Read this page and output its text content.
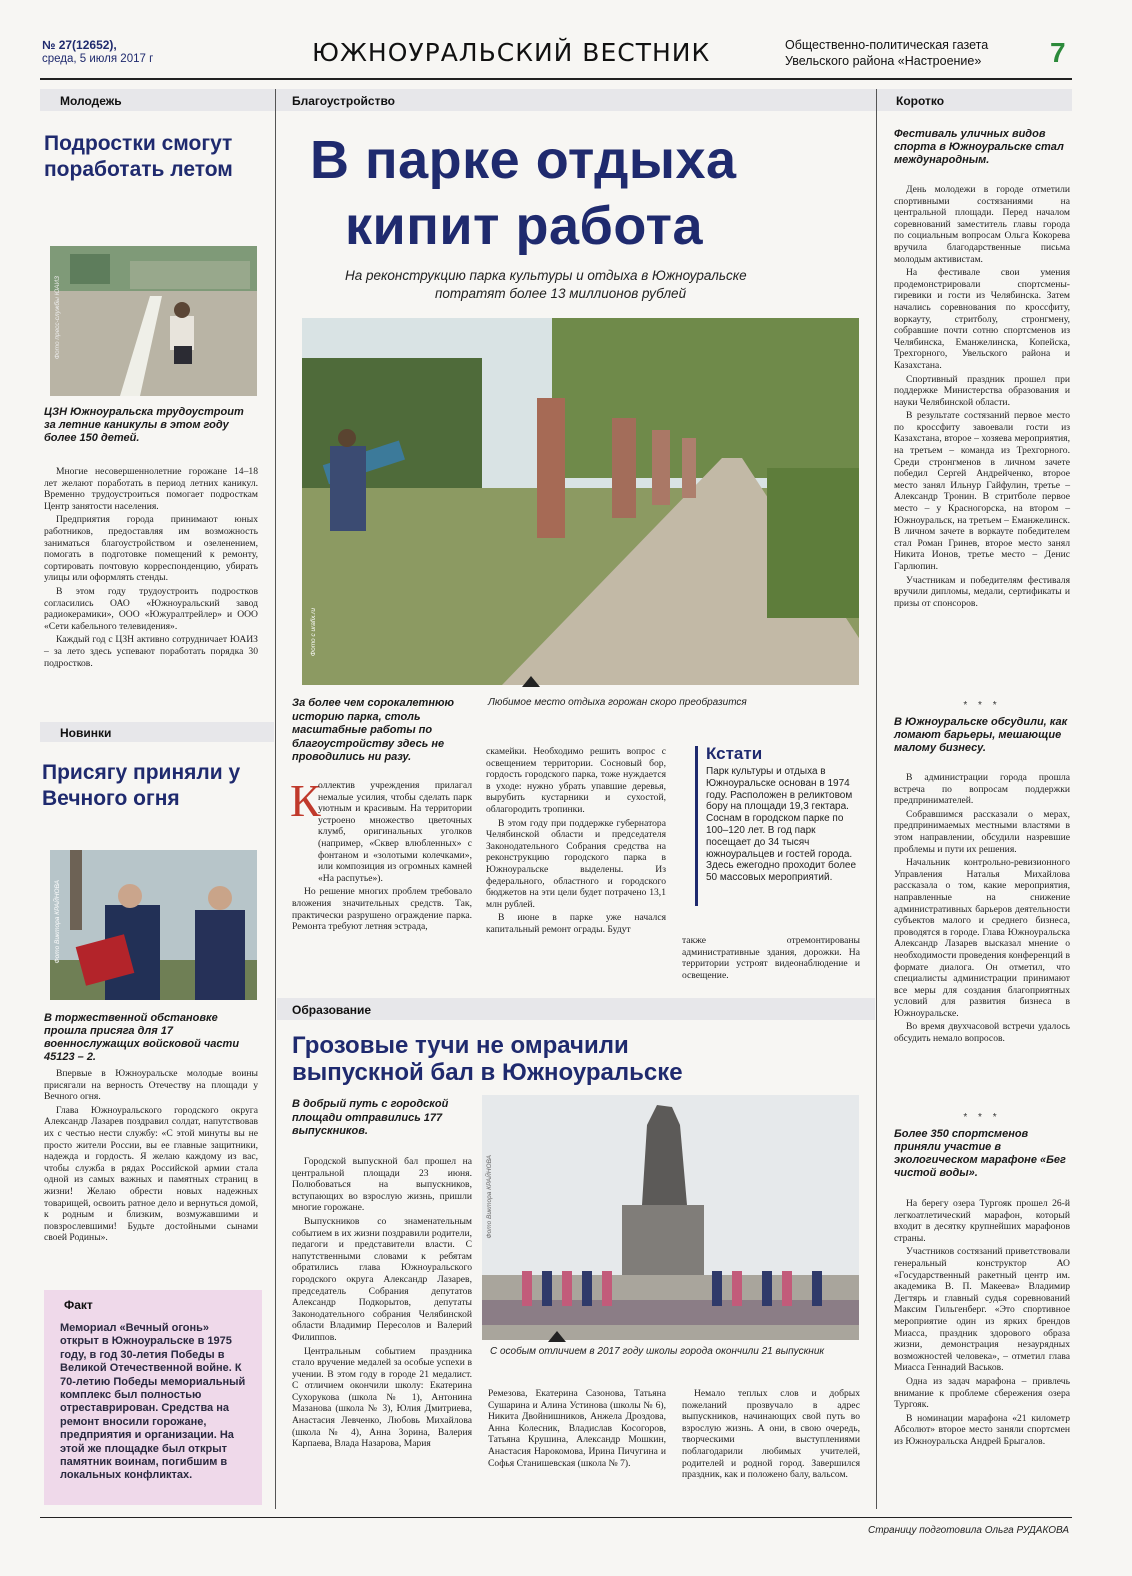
№ 27(12652),
среда, 5 июля 2017 г	ЮЖНОУРАЛЬСКИЙ ВЕСТНИК	Общественно-политическая газета
Увельского района «Настроение» 7
Молодежь
Подростки смогут поработать летом
Фото пресс-службы ЮАИЗ
ЦЗН Южноуральска трудоустроит за летние каникулы в этом году более 150 детей.

Многие несовершеннолетние горожане 14–18 лет желают поработать в период летних каникул. Временно трудоустроиться помогает подросткам Центр занятости населения.

Предприятия города принимают юных работников, предоставляя им возможность заниматься благоустройством и озеленением, помогать в подготовке помещений к ремонту, сортировать почтовую корреспонденцию, убирать улицы или оформлять стенды.

В этом году трудоустроить подростков согласились ОАО «Южноуральский завод радиокерамики», ООО «Южуралтрейлер» и ООО «Сети кабельного телевидения».

Каждый год с ЦЗН активно сотрудничает ЮАИЗ – за лето здесь успевают поработать порядка 30 подростков.

Новинки
Присягу приняли у Вечного огня
Фото Виктора КРАЙНОВА
В торжественной обстановке прошла присяга для 17 военнослужащих войсковой части 45123 – 2.

Впервые в Южноуральске молодые воины присягали на верность Отечеству на площади у Вечного огня.

Глава Южноуральского городского округа Александр Лазарев поздравил солдат, напутствовав их с честью нести службу: «С этой минуты вы не просто жители России, вы ее главные защитники, надежда и гордость. Я желаю каждому из вас, чтобы служба в рядах Российской армии стала одной из самых важных и памятных страниц в жизни! Желаю обрести новых надежных товарищей, освоить ратное дело и вернуться домой, к родным и близким, возмужавшими и повзрослевшими! Будьте достойными сынами своей Родины».

Факт
Мемориал «Вечный огонь» открыт в Южноуральске в 1975 году, в год 30-летия Победы в Великой Отечественной войне. К 70-летию Победы мемориальный комплекс был полностью отреставрирован. Средства на ремонт вносили горожане, предприятия и организации. На этой же площадке был открыт памятник воинам, погибшим в локальных конфликтах.
Благоустройство
В парке отдыха
кипит работа
На реконструкцию парка культуры и отдыха в Южноуральске
потратят более 13 миллионов рублей
Фото с urafix.ru
Любимое место отдыха горожан скоро преобразится
За более чем сорокалетнюю историю парка, столь масштабные работы по благоустройству здесь не проводились ни разу.
К

оллектив учреждения прилагал немалые усилия, чтобы сделать парк уютным и красивым. На территории устроено множество цветочных клумб, оригинальных уголков (например, «Сквер влюбленных» с фонтаном и «золотыми колечками», или композиция из огромных камней «На распутье»).

Но решение многих проблем требовало вложения значительных средств. Так, практически разрушено ограждение парка. Ремонта требуют летняя эстрада,

скамейки. Необходимо решить вопрос с освещением территории. Сосновый бор, гордость городского парка, тоже нуждается в уходе: нужно убрать упавшие деревья, вырубить кустарники и сухостой, облагородить тропинки.

В этом году при поддержке губернатора Челябинской области и председателя Законодательного Собрания средства на реконструкцию городского парка в Южноуральске выделены. Из федерального, областного и городского бюджетов на эти цели будет потрачено 13,1 млн рублей.

В июне в парке уже начался капитальный ремонт ограды. Будут

Кстати
Парк культуры и отдыха в Южноуральске основан в 1974 году. Расположен в реликтовом бору на площади 19,3 гектара. Соснам в городском парке по 100–120 лет. В год парк посещает до 34 тысяч южноуральцев и гостей города. Здесь ежегодно проходит более 50 массовых мероприятий.

также отремонтированы административные здания, дорожки. На территории устроят видеонаблюдение и освещение.

Образование
Грозовые тучи не омрачили
выпускной бал в Южноуральске
В добрый путь с городской площади отправились 177 выпускников.

Городской выпускной бал прошел на центральной площади 23 июня. Полюбоваться на выпускников, вступающих во взрослую жизнь, пришли многие горожане.

Выпускников со знаменательным событием в их жизни поздравили родители, педагоги и представители власти. С напутственными словами к ребятам обратились глава Южноуральского городского округа Александр Лазарев, председатель Собрания депутатов Александр Подкорытов, депутаты Законодательного собрания Челябинской области Владимир Пересолов и Валерий Филиппов.

Центральным событием праздника стало вручение медалей за особые успехи в учении. В этом году в городе 21 медалист. С отличием окончили школу: Екатерина Сухорукова (школа № 1), Антонина Мазанова (школа № 3), Юлия Дмитриева, Анастасия Левченко, Любовь Михайлова (школа № 4), Анна Зорина, Валерия Карпаева, Влада Назарова, Мария

Фото Виктора КРАЙНОВА
С особым отличием в 2017 году школы города окончили 21 выпускник

Ремезова, Екатерина Сазонова, Татьяна Сушарина и Алина Устинова (школы № 6), Никита Двойнишников, Анжела Дроздова, Анна Колесник, Владислав Косогоров, Татьяна Крушина, Александр Мошкин, Анастасия Нарокомова, Ирина Пичугина и Софья Станишевская (школа № 7).

Немало теплых слов и добрых пожеланий прозвучало в адрес выпускников, начинающих свой путь во взрослую жизнь. А они, в свою очередь, творческими выступлениями поблагодарили любимых учителей, родителей и родной город. Завершился праздник, как и положено балу, вальсом.

Коротко
Фестиваль уличных видов спорта в Южноуральске стал международным.

День молодежи в городе отметили спортивными состязаниями на центральной площади. Перед началом соревнований заместитель главы города по социальным вопросам Ольга Кокорева вручила благодарственные письма молодым активистам.

На фестивале свои умения продемонстрировали спортсмены-гиревики и гости из Челябинска. Затем начались соревнования по кроссфиту, воркауту, стритболу, стронгмену, собравшие почти сотню спортсменов из Челябинска, Еманжелинска, Копейска, Трехгорного, Увельского района и Казахстана.

Спортивный праздник прошел при поддержке Министерства образования и науки Челябинской области.

В результате состязаний первое место по кроссфиту завоевали гости из Казахстана, второе – хозяева мероприятия, на третьем – команда из Трехгорного. Среди стронгменов в личном зачете победил Сергей Андрейченко, второе место занял Ильнур Гайфулин, третье – Александр Тронин. В стритболе первое место – у Красногорска, на втором – Южноуральск, на третьем – Еманжелинск. В личном зачете в воркауте победителем стал Роман Гринев, второе место занял Никита Ионов, третье место – Денис Гарлюпин.

Участникам и победителям фестиваля вручили дипломы, медали, сертификаты и призы от спонсоров.

* * *
В Южноуральске обсудили, как ломают барьеры, мешающие малому бизнесу.

В администрации города прошла встреча по вопросам поддержки предпринимателей.

Собравшимся рассказали о мерах, предпринимаемых местными властями в этом направлении, обсудили назревшие проблемы и пути их решения.

Начальник контрольно-ревизионного Управления Наталья Михайлова рассказала о том, какие мероприятия, направленные на снижение административных барьеров деятельности субъектов малого и среднего бизнеса, проводятся в городе. Глава Южноуральска Александр Лазарев высказал мнение о необходимости проведения конференций в формате диалога. Он отметил, что специалисты администрации принимают все меры для создания благоприятных условий для развития бизнеса в Южноуральске.

Во время двухчасовой встречи удалось обсудить немало вопросов.

* * *
Более 350 спортсменов приняли участие в экологическом марафоне «Бег чистой воды».

На берегу озера Тургояк прошел 26-й легкоатлетический марафон, который входит в десятку крупнейших марафонов страны.

Участников состязаний приветствовали генеральный конструктор АО «Государственный ракетный центр им. академика В. П. Макеева» Владимир Дегтярь и главный судья соревнований Максим Гильгенберг. «Это спортивное мероприятие один из ярких брендов Миасса, праздник здорового образа жизни, демонстрация незаурядных возможностей человека», – отметил глава Миасса Геннадий Васьков.

Одна из задач марафона – привлечь внимание к проблеме сбережения озера Тургояк.

В номинации марафона «21 километр Абсолют» второе место заняли спортсмен из Южноуральска Андрей Брыгалов.

Страницу подготовила Ольга РУДАКОВА
